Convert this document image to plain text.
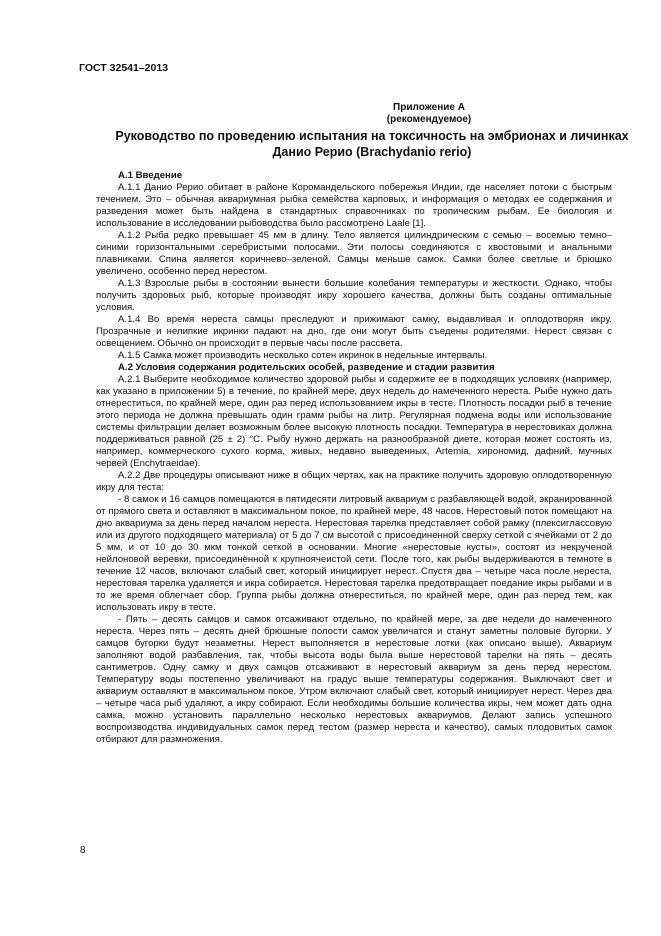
ГОСТ 32541–2013

Приложение А

(рекомендуемое)

Руководство по проведению испытания на токсичность на эмбрионах и личинках Данио Рерио (Brachydanio rerio)

А.1 Введение

А.1.1 Данио Рерио обитает в районе Коромандельского побережья Индии, где населяет потоки с быстрым течением. Это – обычная аквариумная рыбка семейства карповых, и информация о методах ее содержания и разведения может быть найдена в стандартных справочниках по тропическим рыбам. Ее биология и использование в исследовании рыбоводства было рассмотрено Laale [1].

А.1.2 Рыба редко превышает 45 мм в длину. Тело является цилиндрическим с семью – восемью темно–синими горизонтальными серебристыми полосами. Эти полосы соединяются с хвостовыми и анальными плавниками. Спина является коричнево–зеленой. Самцы меньше самок. Самки более светлые и брюшко увеличено, особенно перед нерестом.

А.1.3 Взрослые рыбы в состоянии вынести большие колебания температуры и жесткости. Однако, чтобы получить здоровых рыб, которые производят икру хорошего качества, должны быть созданы оптимальные условия.

А.1.4 Во время нереста самцы преследуют и прижимают самку, выдавливая и оплодотворяя икру. Прозрачные и нелипкие икринки падают на дно, где они могут быть съедены родителями. Нерест связан с освещением. Обычно он происходит в первые часы после рассвета.

А.1.5 Самка может производить несколько сотен икринок в недельные интервалы.

А.2 Условия содержания родительских особей, разведение и стадии развития

А.2.1 Выберите необходимое количество здоровой рыбы и содержите ее в подходящих условиях (например, как указано в приложении 5) в течение, по крайней мере, двух недель до намеченного нереста. Рыбе нужно дать отнереститься, по крайней мере, один раз перед использованием икры в тесте. Плотность посадки рыб в течение этого периода не должна превышать один грамм рыбы на литр. Регулярная подмена воды или использование системы фильтрации делает возможным более высокую плотность посадки. Температура в нерестовиках должна поддерживаться равной (25 ± 2) °С. Рыбу нужно держать на разнообразной диете, которая может состоять из, например, коммерческого сухого корма, живых, недавно выведенных, Artemia, хирономид, дафний, мучных червей (Enchytraeidae).

А.2.2 Две процедуры описывают ниже в общих чертах, как на практике получить здоровую оплодотворенную икру для теста:

- 8 самок и 16 самцов помещаются в пятидесяти литровый аквариум с разбавляющей водой, экранированной от прямого света и оставляют в максимальном покое, по крайней мере, 48 часов. Нерестовый поток помещают на дно аквариума за день перед началом нереста. Нерестовая тарелка представляет собой рамку (плексигласcовую или из другого подходящего материала) от 5 до 7 см высотой с присоединенной сверху сеткой с ячейками от 2 до 5 мм, и от 10 до 30 мкм тонкой сеткой в основании. Многие «нерестовые кусты», состоят из некрученой нейлоновой веревки, присоединённой к крупноячеистой сети. После того, как рыбы выдерживаются в темноте в течение 12 часов, включают слабый свет, который инициирует нерест. Спустя два – четыре часа после нереста, нерестовая тарелка удаляется и икра собирается. Нерестовая тарелка предотвращает поедание икры рыбами и в то же время облегчает сбор. Группа рыбы должна отнереститься, по крайней мере, один раз перед тем, как использовать икру в тесте.

- Пять – десять самцов и самок отсаживают отдельно, по крайней мере, за две недели до намеченного нереста. Через пять – десять дней брюшные полости самок увеличатся и станут заметны половые бугорки. У самцов бугорки будут незаметны. Нерест выполняется в нерестовые лотки (как описано выше). Аквариум заполняют водой разбавления, так, чтобы высота воды была выше нерестовой тарелки на пять – десять сантиметров. Одну самку и двух самцов отсаживают в нерестовый аквариум за день перед нерестом. Температуру воды постепенно увеличивают на градус выше температуры содержания. Выключают свет и аквариум оставляют в максимальном покое. Утром включают слабый свет, который инициирует нерест. Через два – четыре часа рыб удаляют, а икру собирают. Если необходимы большие количества икры, чем может дать одна самка, можно установить параллельно несколько нерестовых аквариумов. Делают запись успешного воспроизводства индивидуальных самок перед тестом (размер нереста и качество), самых плодовитых самок отбирают для размножения.

8
